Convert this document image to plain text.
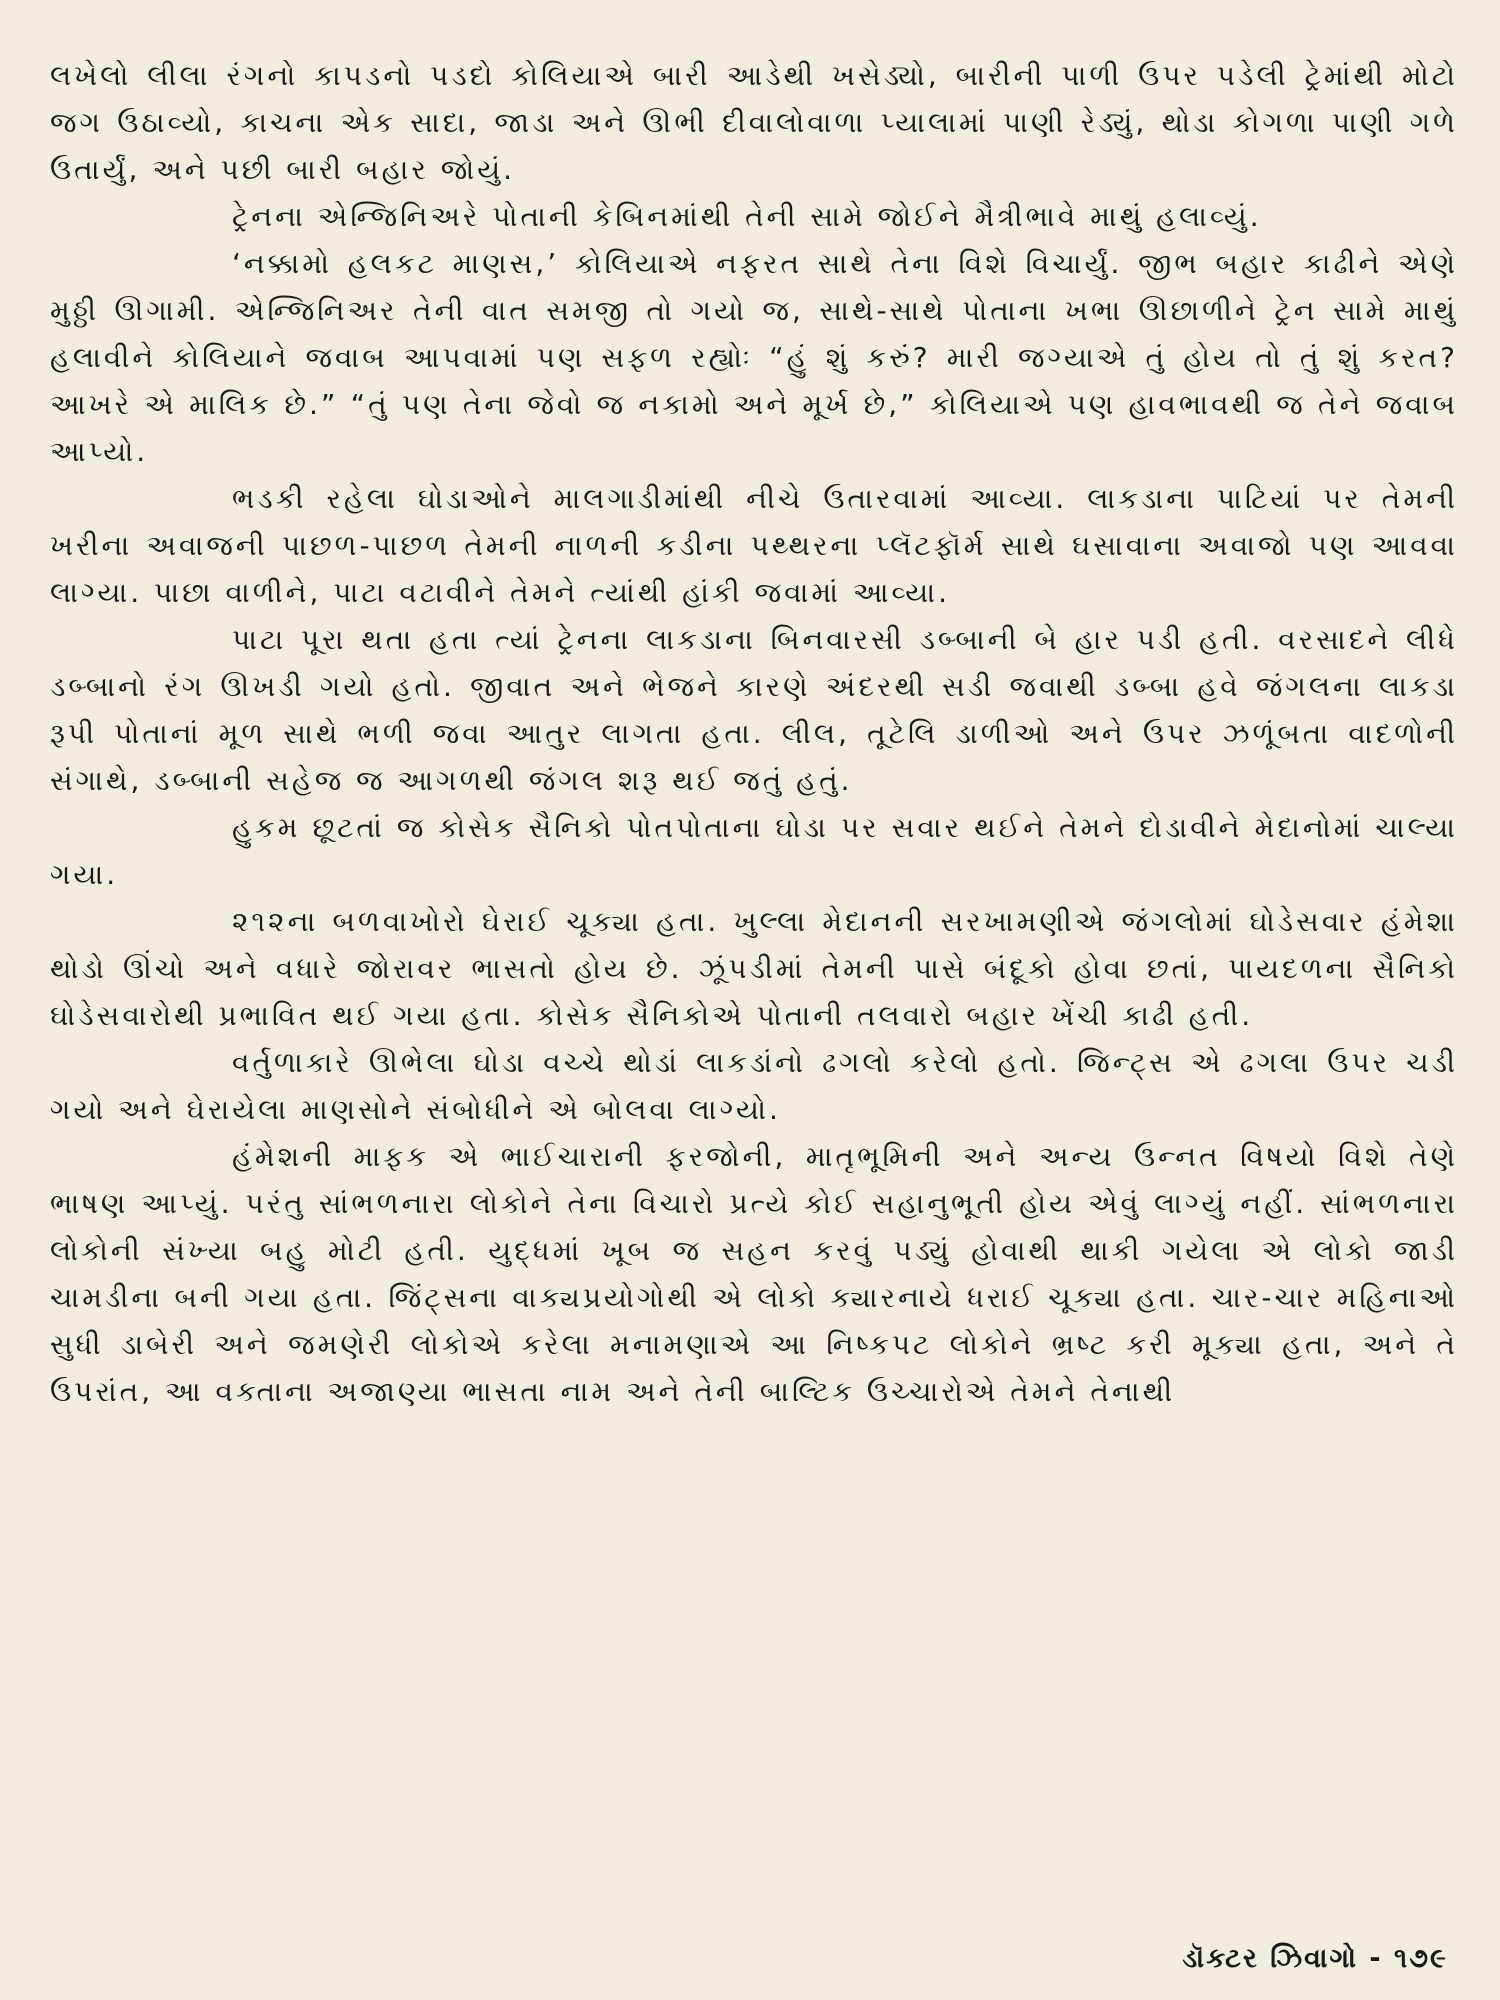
લખેલો લીલા રંગનો કાપડનો પડદો કોલિયાએ બારી આડેથી ખસેડ્યો, બારીની પાળી ઉપર પડેલી ટ્રેમાંથી મોટો જગ ઉઠાવ્યો, કાચના એક સાદા, જાડા અને ઊભી દીવાલોવાળા પ્યાલામાં પાણી રેડ્યું, થોડા કોગળા પાણી ગળે ઉતાર્યું, અને પછી બારી બહાર જોયું.

ટ્રેનના એન્જિનિઅરે પોતાની કેબિનમાંથી તેની સામે જોઈને મૈત્રીભાવે માથું હલાવ્યું.

‘નક્કામો હલકટ માણસ,’ કોલિયાએ નફરત સાથે તેના વિશે વિચાર્યું. જીભ બહાર કાઢીને એણે મુઠ્ઠી ઊગામી. એન્જિનિઅર તેની વાત સમજી તો ગયો જ, સાથે-સાથે પોતાના ખભા ઊછાળીને ટ્રેન સામે માથું હલાવીને કોલિયાને જવાબ આપવામાં પણ સફળ રહ્યોઃ “હું શું કરું? મારી જગ્યાએ તું હોય તો તું શું કરત? આખરે એ માલિક છે.” “તું પણ તેના જેવો જ નકામો અને મૂર્ખ છે,” કોલિયાએ પણ હાવભાવથી જ તેને જવાબ આપ્યો.

ભડકી રહેલા ઘોડાઓને માલગાડીમાંથી નીચે ઉતારવામાં આવ્યા. લાકડાના પાટિયાં પર તેમની ખરીના અવાજની પાછળ-પાછળ તેમની નાળની કડીના પથ્થરના પ્લૅટફૉર્મ સાથે ઘસાવાના અવાજો પણ આવવા લાગ્યા. પાછા વાળીને, પાટા વટાવીને તેમને ત્યાંથી હાંકી જવામાં આવ્યા.

પાટા પૂરા થતા હતા ત્યાં ટ્રેનના લાકડાના બિનવારસી ડબ્બાની બે હાર પડી હતી. વરસાદને લીધે ડબ્બાનો રંગ ઊખડી ગયો હતો. જીવાત અને ભેજને કારણે અંદરથી સડી જવાથી ડબ્બા હવે જંગલના લાકડા રૂપી પોતાનાં મૂળ સાથે ભળી જવા આતુર લાગતા હતા. લીલ, તૂટેલિ ડાળીઓ અને ઉપર ઝળૂંબતા વાદળોની સંગાથે, ડબ્બાની સહેજ જ આગળથી જંગલ શરૂ થઈ જતું હતું.

હુકમ છૂટતાં જ કોસેક સૈનિકો પોતપોતાના ઘોડા પર સવાર થઈને તેમને દોડાવીને મેદાનોમાં ચાલ્યા ગયા.

૨૧૨ના બળવાખોરો ઘેરાઈ ચૂક્યા હતા. ખુલ્લા મેદાનની સરખામણીએ જંગલોમાં ઘોડેસવાર હંમેશા થોડો ઊંચો અને વધારે જોરાવર ભાસતો હોય છે. ઝૂંપડીમાં તેમની પાસે બંદૂકો હોવા છતાં, પાયદળના સૈનિકો ઘોડેસવારોથી પ્રભાવિત થઈ ગયા હતા. કોસેક સૈનિકોએ પોતાની તલવારો બહાર ખેંચી કાઢી હતી.

વર્તુળાકારે ઊભેલા ઘોડા વચ્ચે થોડાં લાકડાંનો ઢગલો કરેલો હતો. જિન્ટ્સ એ ઢગલા ઉપર ચડી ગયો અને ઘેરાયેલા માણસોને સંબોધીને એ બોલવા લાગ્યો.

હંમેશની માફક એ ભાઈચારાની ફરજોની, માતૃભૂમિની અને અન્ય ઉન્નત વિષયો વિશે તેણે ભાષણ આપ્યું. પરંતુ સાંભળનારા લોકોને તેના વિચારો પ્રત્યે કોઈ સહાનુભૂતી હોય એવું લાગ્યું નહીં. સાંભળનારા લોકોની સંખ્યા બહુ મોટી હતી. યુદ્ધમાં ખૂબ જ સહન કરવું પડ્યું હોવાથી થાકી ગયેલા એ લોકો જાડી ચામડીના બની ગયા હતા. જિંટ્સના વાક્યપ્રયોગોથી એ લોકો ક્યારનાયે ધરાઈ ચૂક્યા હતા. ચાર-ચાર મહિનાઓ સુધી ડાબેરી અને જમણેરી લોકોએ કરેલા મનામણાએ આ નિષ્કપટ લોકોને ભ્રષ્ટ કરી મૂક્યા હતા, અને તે ઉપરાંત, આ વક્તાના અજાણ્યા ભાસતા નામ અને તેની બાલ્ટિક ઉચ્ચારોએ તેમને તેનાથી

ડૉક્ટર ઝિવાગો - ૧૭૯
